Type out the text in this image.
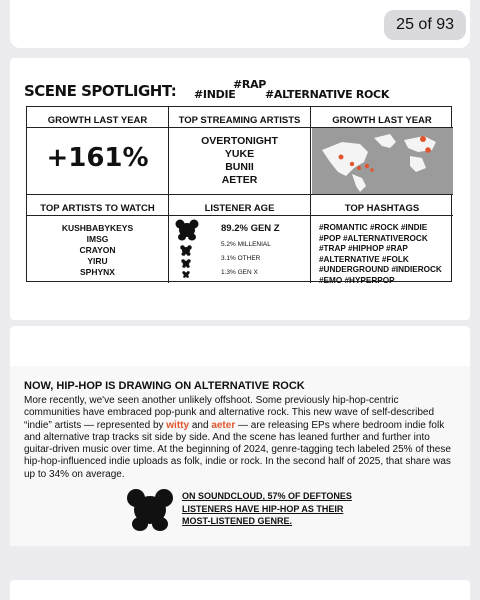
25 of 93
SCENE SPOTLIGHT: #INDIE
#RAP
#ALTERNATIVE ROCK
GROWTH LAST YEAR
+161%
TOP STREAMING ARTISTS
OVERTONIGHT
YUKE
BUNII
AETER
GROWTH LAST YEAR
TOP ARTISTS TO WATCH
KUSHBABYKEYS
IMSG
CRAYON
YIRU
SPHYNX
LISTENER AGE
89.2% GEN Z
5.2% MILLENIAL
3.1% OTHER
1.3% GEN X
TOP HASHTAGS
#ROMANTIC #ROCK #INDIE
#POP #ALTERNATIVEROCK
#TRAP #HIPHOP #RAP
#ALTERNATIVE #FOLK
#UNDERGROUND #INDIEROCK
#EMO #HYPERPOP
NOW, HIP-HOP IS DRAWING ON ALTERNATIVE ROCK
More recently, we've seen another unlikely offshoot. Some previously hip-hop-centric communities have embraced pop-punk and alternative rock. This new wave of self-described “indie” artists — represented by witty and aeter — are releasing EPs where bedroom indie folk and alternative trap tracks sit side by side. And the scene has leaned further and further into guitar-driven music over time. At the beginning of 2024, genre-tagging tech labeled 25% of these hip-hop-influenced indie uploads as folk, indie or rock. In the second half of 2025, that share was up to 34% on average.
ON SOUNDCLOUD, 57% OF DEFTONES
LISTENERS HAVE HIP-HOP AS THEIR
MOST-LISTENED GENRE.
